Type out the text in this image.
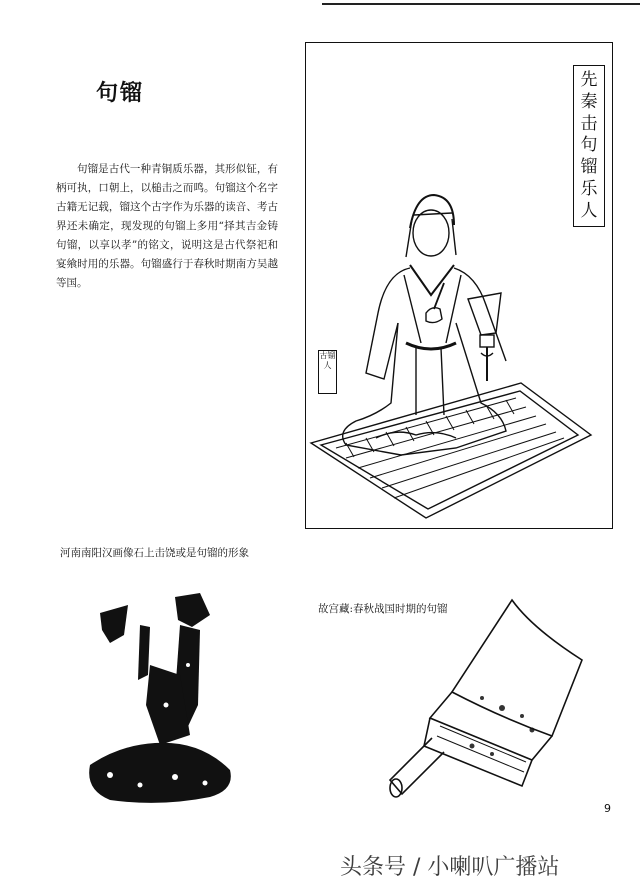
句镏
句镏是古代一种青铜质乐器，其形似钲，有柄可执，口朝上，以槌击之而鸣。句镏这个名字古籍无记载，镏这个古字作为乐器的读音、考古界还未确定，现发现的句镏上多用“择其吉金铸句镏，以享以孝”的铭文，说明这是古代祭祀和宴飨时用的乐器。句镏盛行于春秋时期南方吴越等国。
先
秦
击
句
镏
乐
人
古镏人
河南南阳汉画像石上击饶或是句镏的形象
故宫藏:春秋战国时期的句镏
9
头条号 / 小喇叭广播站
